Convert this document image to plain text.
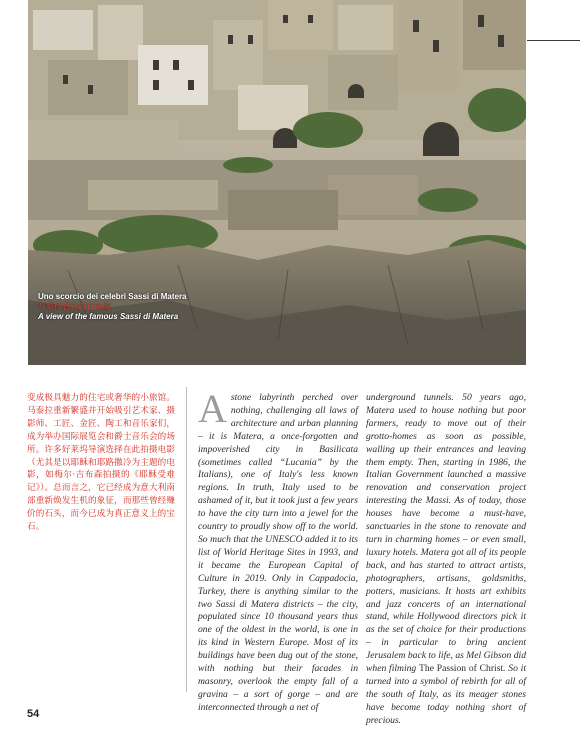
Uno scorcio dei celebri Sassi di Matera
马泰拉著名的石头城
A view of the famous Sassi di Matera
变成极具魅力的住宅或奢华的小旅馆。马泰拉重新繁盛并开始吸引艺术家、摄影师、工匠、金匠、陶工和音乐家们，成为举办国际展览会和爵士音乐会的场所。许多好莱坞导演选择在此拍摄电影（尤其是以耶稣和耶路撒冷为主题的电影，如梅尔·吉布森拍摄的《耶稣受难记》）。总而言之，它已经成为意大利南部重新焕发生机的象征，而那些曾经赚价的石头，而今已成为真正意义上的宝石。

Astone labyrinth perched over nothing, challenging all laws of architecture and urban planning – it is Matera, a once-forgotten and impoverished city in Basilicata (sometimes called “Lucania” by the Italians), one of Italy's less known regions. In truth, Italy used to be ashamed of it, but it took just a few years to have the city turn into a jewel for the country to proudly show off to the world. So much that the UNESCO added it to its list of World Heritage Sites in 1993, and it became the European Capital of Culture in 2019. Only in Cappadocia, Turkey, there is anything similar to the two Sassi di Matera districts – the city, populated since 10 thousand years thus one of the oldest in the world, is one in its kind in Western Europe. Most of its buildings have been dug out of the stone, with nothing but their facades in masonry, overlook the empty fall of a gravina – a sort of gorge – and are interconnected through a net of

underground tunnels. 50 years ago, Matera used to house nothing but poor farmers, ready to move out of their grotto-homes as soon as possible, walling up their entrances and leaving them empty. Then, starting in 1986, the Italian Government launched a massive renovation and conservation project interesting the Massi. As of today, those houses have become a must-have, sanctuaries in the stone to renovate and turn in charming homes – or even small, luxury hotels. Matera got all of its people back, and has started to attract artists, photographers, artisans, goldsmiths, potters, musicians. It hosts art exhibits and jazz concerts of an international stand, while Hollywood directors pick it as the set of choice for their productions – in particular to bring ancient Jerusalem back to life, as Mel Gibson did when filming The Passion of Christ. So it turned into a symbol of rebirth for all of the south of Italy, as its meager stones have become today nothing short of precious.

54
